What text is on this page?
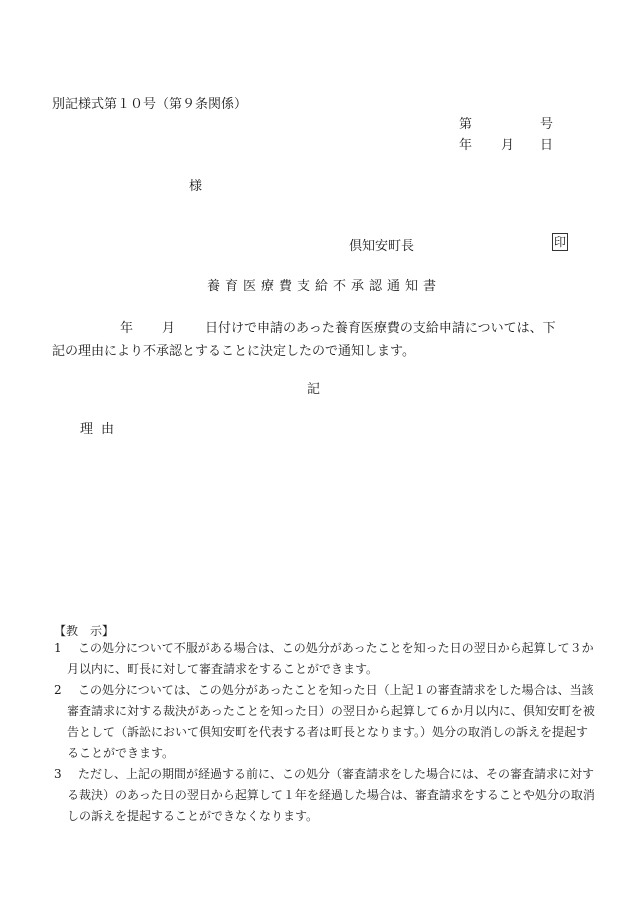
別記様式第１０号（第９条関係）
第	号
年 月 日
様
倶知安町長	印
養育医療費支給不承認通知書
年 月 日付けで申請のあった養育医療費の支給申請については、下
記の理由により不承認とすることに決定したので通知します。
記
理由
【教　示】
1	この処分について不服がある場合は、この処分があったことを知った日の翌日から起算して３か月以内に、町長に対して審査請求をすることができます。
2	この処分については、この処分があったことを知った日（上記１の審査請求をした場合は、当該審査請求に対する裁決があったことを知った日）の翌日から起算して６か月以内に、倶知安町を被告として（訴訟において倶知安町を代表する者は町長となります。）処分の取消しの訴えを提起することができます。
3	ただし、上記の期間が経過する前に、この処分（審査請求をした場合には、その審査請求に対する裁決）のあった日の翌日から起算して１年を経過した場合は、審査請求をすることや処分の取消しの訴えを提起することができなくなります。
